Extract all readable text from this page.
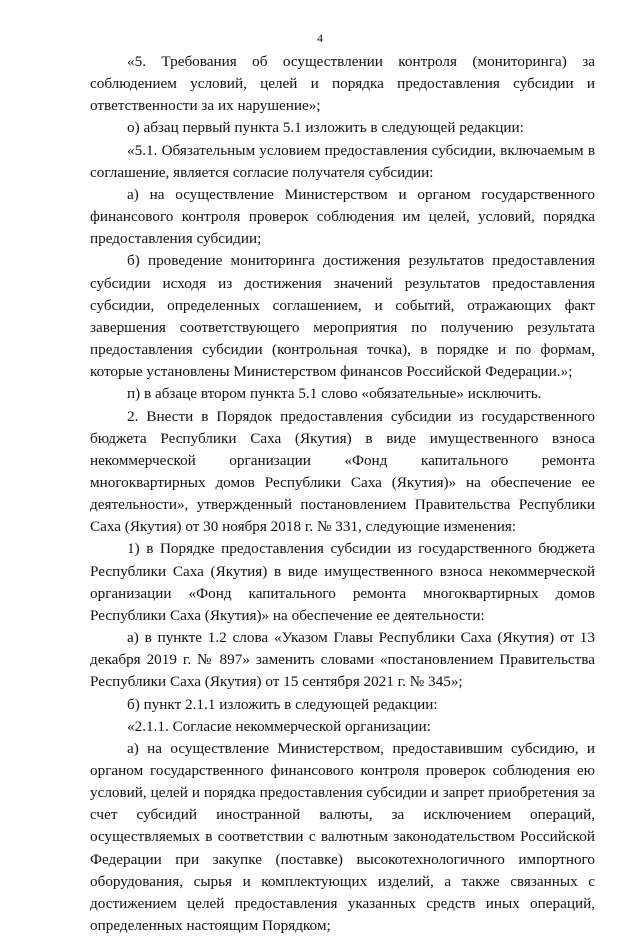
4

«5. Требования об осуществлении контроля (мониторинга) за соблюдением условий, целей и порядка предоставления субсидии и ответственности за их нарушение»;

о) абзац первый пункта 5.1 изложить в следующей редакции:

«5.1. Обязательным условием предоставления субсидии, включаемым в соглашение, является согласие получателя субсидии:

а) на осуществление Министерством и органом государственного финансового контроля проверок соблюдения им целей, условий, порядка предоставления субсидии;

б) проведение мониторинга достижения результатов предоставления субсидии исходя из достижения значений результатов предоставления субсидии, определенных соглашением, и событий, отражающих факт завершения соответствующего мероприятия по получению результата предоставления субсидии (контрольная точка), в порядке и по формам, которые установлены Министерством финансов Российской Федерации.»;

п) в абзаце втором пункта 5.1 слово «обязательные» исключить.

2. Внести в Порядок предоставления субсидии из государственного бюджета Республики Саха (Якутия) в виде имущественного взноса некоммерческой организации «Фонд капитального ремонта многоквартирных домов Республики Саха (Якутия)» на обеспечение ее деятельности», утвержденный постановлением Правительства Республики Саха (Якутия) от 30 ноября 2018 г. № 331, следующие изменения:

1) в Порядке предоставления субсидии из государственного бюджета Республики Саха (Якутия) в виде имущественного взноса некоммерческой организации «Фонд капитального ремонта многоквартирных домов Республики Саха (Якутия)» на обеспечение ее деятельности:

а) в пункте 1.2 слова «Указом Главы Республики Саха (Якутия) от 13 декабря 2019 г. № 897» заменить словами «постановлением Правительства Республики Саха (Якутия) от 15 сентября 2021 г. № 345»;

б) пункт 2.1.1 изложить в следующей редакции:

«2.1.1. Согласие некоммерческой организации:

а) на осуществление Министерством, предоставившим субсидию, и органом государственного финансового контроля проверок соблюдения ею условий, целей и порядка предоставления субсидии и запрет приобретения за счет субсидий иностранной валюты, за исключением операций, осуществляемых в соответствии с валютным законодательством Российской Федерации при закупке (поставке) высокотехнологичного импортного оборудования, сырья и комплектующих изделий, а также связанных с достижением целей предоставления указанных средств иных операций, определенных настоящим Порядком;
